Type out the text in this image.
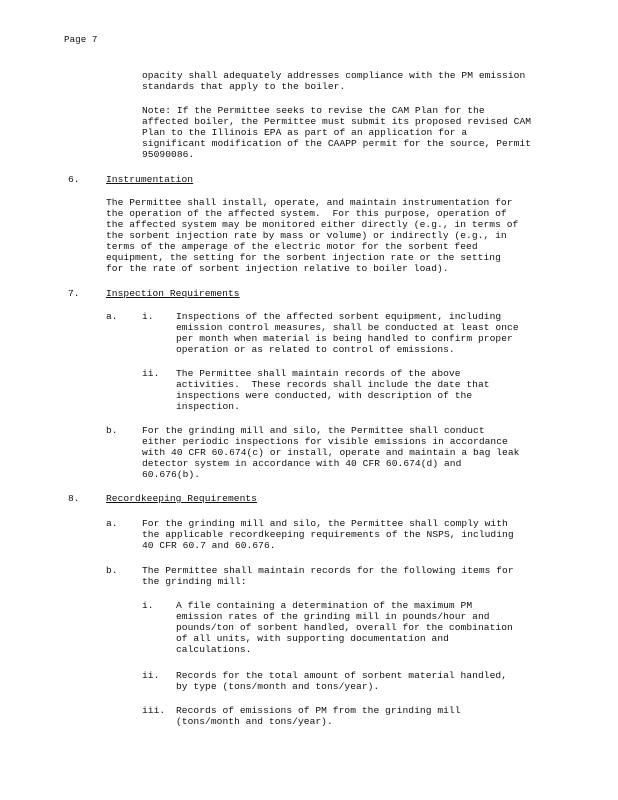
Page 7

opacity shall adequately addresses compliance with the PM emission

standards that apply to the boiler.

Note: If the Permittee seeks to revise the CAM Plan for the

affected boiler, the Permittee must submit its proposed revised CAM

Plan to the Illinois EPA as part of an application for a

significant modification of the CAAPP permit for the source, Permit

95090086.

6.	Instrumentation

The Permittee shall install, operate, and maintain instrumentation for

the operation of the affected system.  For this purpose, operation of

the affected system may be monitored either directly (e.g., in terms of

the sorbent injection rate by mass or volume) or indirectly (e.g., in

terms of the amperage of the electric motor for the sorbent feed

equipment, the setting for the sorbent injection rate or the setting

for the rate of sorbent injection relative to boiler load).

7.	Inspection Requirements

a.	i. Inspections of the affected sorbent equipment, including

emission control measures, shall be conducted at least once

per month when material is being handled to confirm proper

operation or as related to control of emissions.

ii. The Permittee shall maintain records of the above

activities.  These records shall include the date that

inspections were conducted, with description of the

inspection.

b.	For the grinding mill and silo, the Permittee shall conduct

either periodic inspections for visible emissions in accordance

with 40 CFR 60.674(c) or install, operate and maintain a bag leak

detector system in accordance with 40 CFR 60.674(d) and

60.676(b).

8.	Recordkeeping Requirements

a.	For the grinding mill and silo, the Permittee shall comply with

the applicable recordkeeping requirements of the NSPS, including

40 CFR 60.7 and 60.676.

b.	The Permittee shall maintain records for the following items for

the grinding mill:

i. A file containing a determination of the maximum PM

emission rates of the grinding mill in pounds/hour and

pounds/ton of sorbent handled, overall for the combination

of all units, with supporting documentation and

calculations.

ii. Records for the total amount of sorbent material handled,

by type (tons/month and tons/year).

iii. Records of emissions of PM from the grinding mill

(tons/month and tons/year).
